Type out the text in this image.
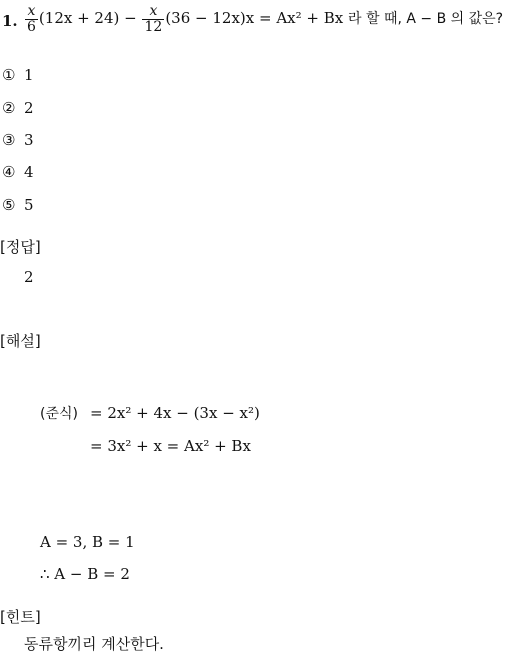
1. $\frac{x}{6} (12x + 24) - \frac{x}{12} (36 - 12x)x = Ax^2 + Bx$ 라 할 때, A − B 의 값은?
① 1
② 2
③ 3
④ 4
⑤ 5
[정답]
2
[해설]
(준식) = 2x² + 4x − (3x − x²)
= 3x² + x = Ax² + Bx
A = 3, B = 1
∴ A − B = 2
[힌트]
동류항끼리 계산한다.
